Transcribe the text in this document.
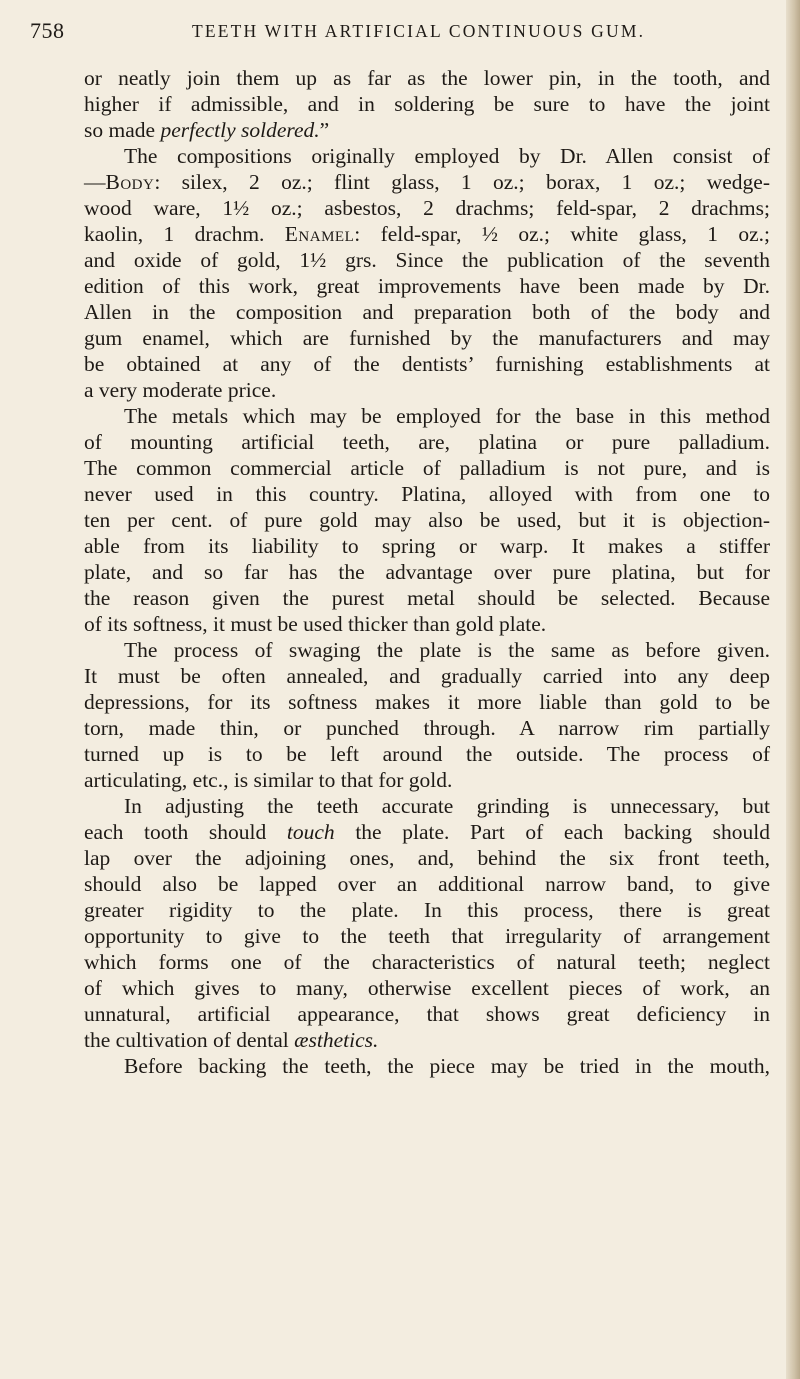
758	TEETH WITH ARTIFICIAL CONTINUOUS GUM.
or neatly join them up as far as the lower pin, in the tooth, and
higher if admissible, and in soldering be sure to have the joint
so made perfectly soldered.”
The compositions originally employed by Dr. Allen consist of
—Body: silex, 2 oz.; flint glass, 1 oz.; borax, 1 oz.; wedge-
wood ware, 1½ oz.; asbestos, 2 drachms; feld-spar, 2 drachms;
kaolin, 1 drachm. Enamel: feld-spar, ½ oz.; white glass, 1 oz.;
and oxide of gold, 1½ grs. Since the publication of the seventh
edition of this work, great improvements have been made by Dr.
Allen in the composition and preparation both of the body and
gum enamel, which are furnished by the manufacturers and may
be obtained at any of the dentists’ furnishing establishments at
a very moderate price.
The metals which may be employed for the base in this method
of mounting artificial teeth, are, platina or pure palladium.
The common commercial article of palladium is not pure, and is
never used in this country. Platina, alloyed with from one to
ten per cent. of pure gold may also be used, but it is objection-
able from its liability to spring or warp. It makes a stiffer
plate, and so far has the advantage over pure platina, but for
the reason given the purest metal should be selected. Because
of its softness, it must be used thicker than gold plate.
The process of swaging the plate is the same as before given.
It must be often annealed, and gradually carried into any deep
depressions, for its softness makes it more liable than gold to be
torn, made thin, or punched through. A narrow rim partially
turned up is to be left around the outside. The process of
articulating, etc., is similar to that for gold.
In adjusting the teeth accurate grinding is unnecessary, but
each tooth should touch the plate. Part of each backing should
lap over the adjoining ones, and, behind the six front teeth,
should also be lapped over an additional narrow band, to give
greater rigidity to the plate. In this process, there is great
opportunity to give to the teeth that irregularity of arrangement
which forms one of the characteristics of natural teeth; neglect
of which gives to many, otherwise excellent pieces of work, an
unnatural, artificial appearance, that shows great deficiency in
the cultivation of dental æsthetics.
Before backing the teeth, the piece may be tried in the mouth,
